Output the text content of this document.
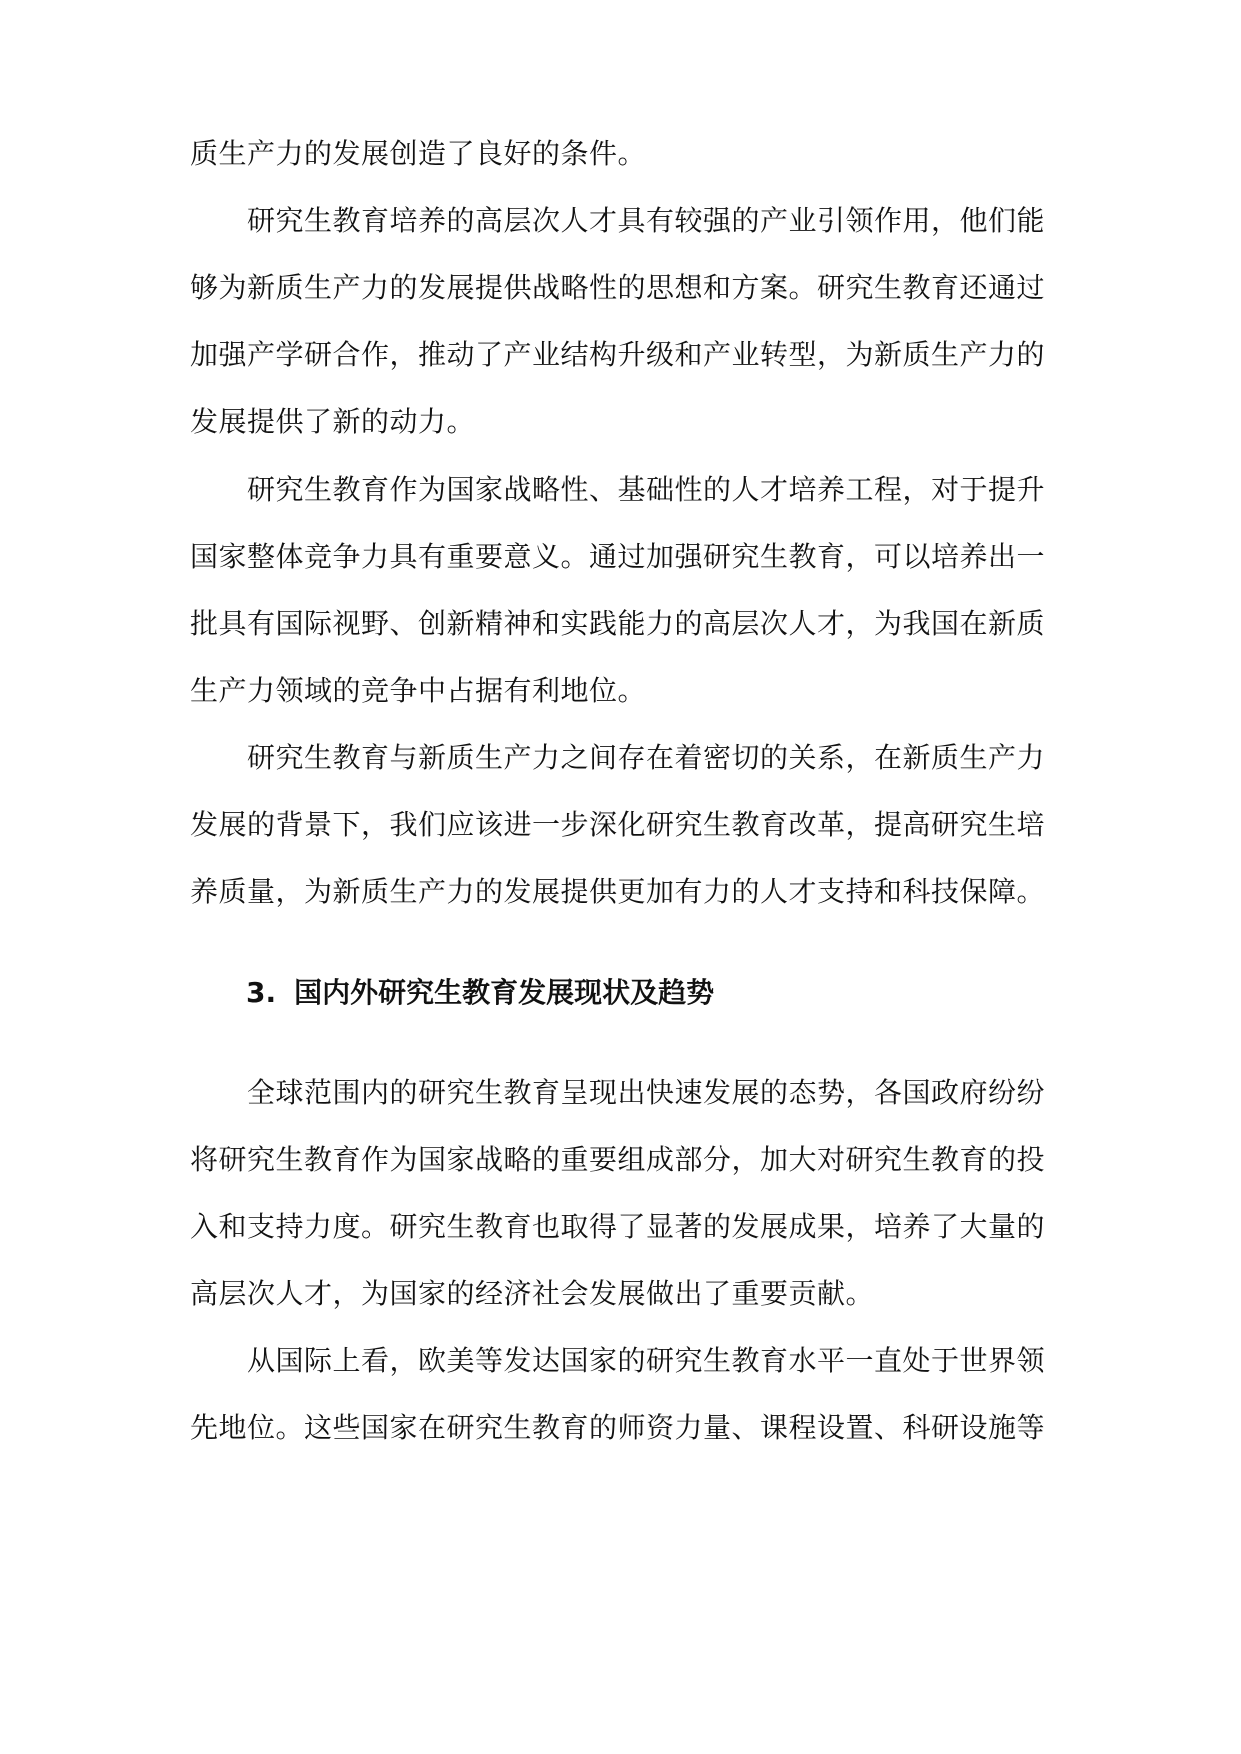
质生产力的发展创造了良好的条件。
研究生教育培养的高层次人才具有较强的产业引领作用，他们能
够为新质生产力的发展提供战略性的思想和方案。研究生教育还通过
加强产学研合作，推动了产业结构升级和产业转型，为新质生产力的
发展提供了新的动力。
研究生教育作为国家战略性、基础性的人才培养工程，对于提升
国家整体竞争力具有重要意义。通过加强研究生教育，可以培养出一
批具有国际视野、创新精神和实践能力的高层次人才，为我国在新质
生产力领域的竞争中占据有利地位。
研究生教育与新质生产力之间存在着密切的关系，在新质生产力
发展的背景下，我们应该进一步深化研究生教育改革，提高研究生培
养质量，为新质生产力的发展提供更加有力的人才支持和科技保障。
3. 国内外研究生教育发展现状及趋势
全球范围内的研究生教育呈现出快速发展的态势，各国政府纷纷
将研究生教育作为国家战略的重要组成部分，加大对研究生教育的投
入和支持力度。研究生教育也取得了显著的发展成果，培养了大量的
高层次人才，为国家的经济社会发展做出了重要贡献。
从国际上看，欧美等发达国家的研究生教育水平一直处于世界领
先地位。这些国家在研究生教育的师资力量、课程设置、科研设施等
